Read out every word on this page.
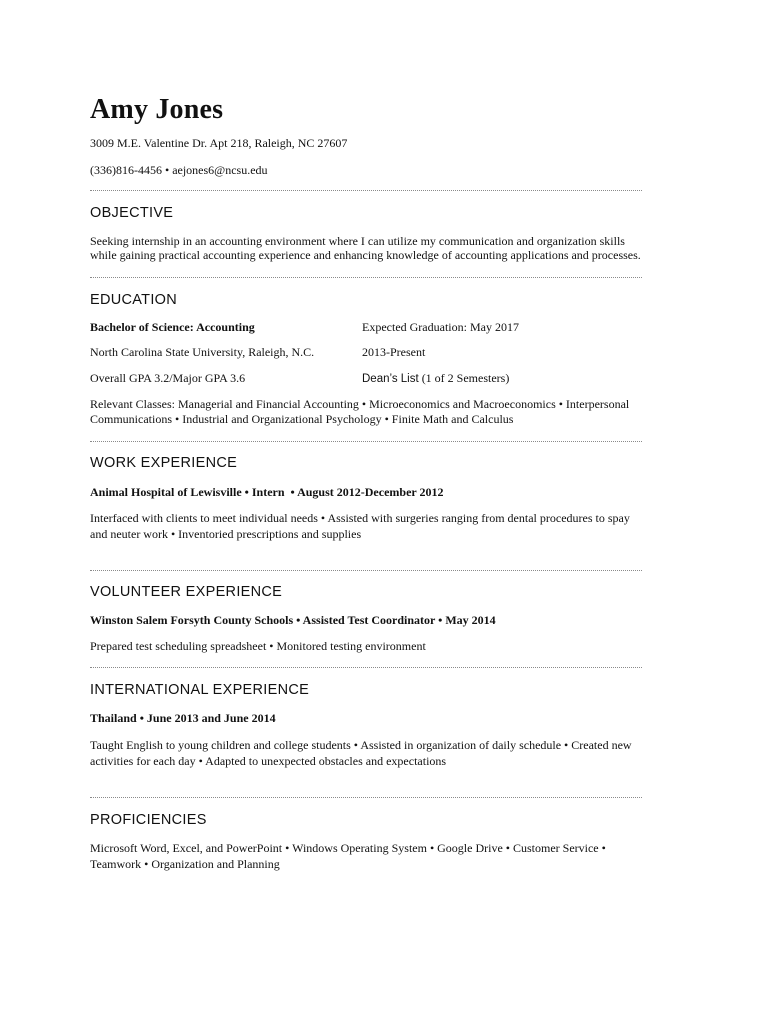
Amy Jones
3009 M.E. Valentine Dr. Apt 218, Raleigh, NC 27607
(336)816-4456 • aejones6@ncsu.edu
OBJECTIVE
Seeking internship in an accounting environment where I can utilize my communication and organization skills
while gaining practical accounting experience and enhancing knowledge of accounting applications and processes.
EDUCATION
Bachelor of Science: Accounting	Expected Graduation: May 2017
North Carolina State University, Raleigh, N.C.	2013-Present
Overall GPA 3.2/Major GPA 3.6	Dean’s List (1 of 2 Semesters)
Relevant Classes: Managerial and Financial Accounting • Microeconomics and Macroeconomics • Interpersonal
Communications • Industrial and Organizational Psychology • Finite Math and Calculus
WORK EXPERIENCE
Animal Hospital of Lewisville • Intern  • August 2012-December 2012
Interfaced with clients to meet individual needs • Assisted with surgeries ranging from dental procedures to spay
and neuter work • Inventoried prescriptions and supplies
VOLUNTEER EXPERIENCE
Winston Salem Forsyth County Schools • Assisted Test Coordinator • May 2014
Prepared test scheduling spreadsheet • Monitored testing environment
INTERNATIONAL EXPERIENCE
Thailand • June 2013 and June 2014
Taught English to young children and college students • Assisted in organization of daily schedule • Created new
activities for each day • Adapted to unexpected obstacles and expectations
PROFICIENCIES
Microsoft Word, Excel, and PowerPoint • Windows Operating System • Google Drive • Customer Service •
Teamwork • Organization and Planning
